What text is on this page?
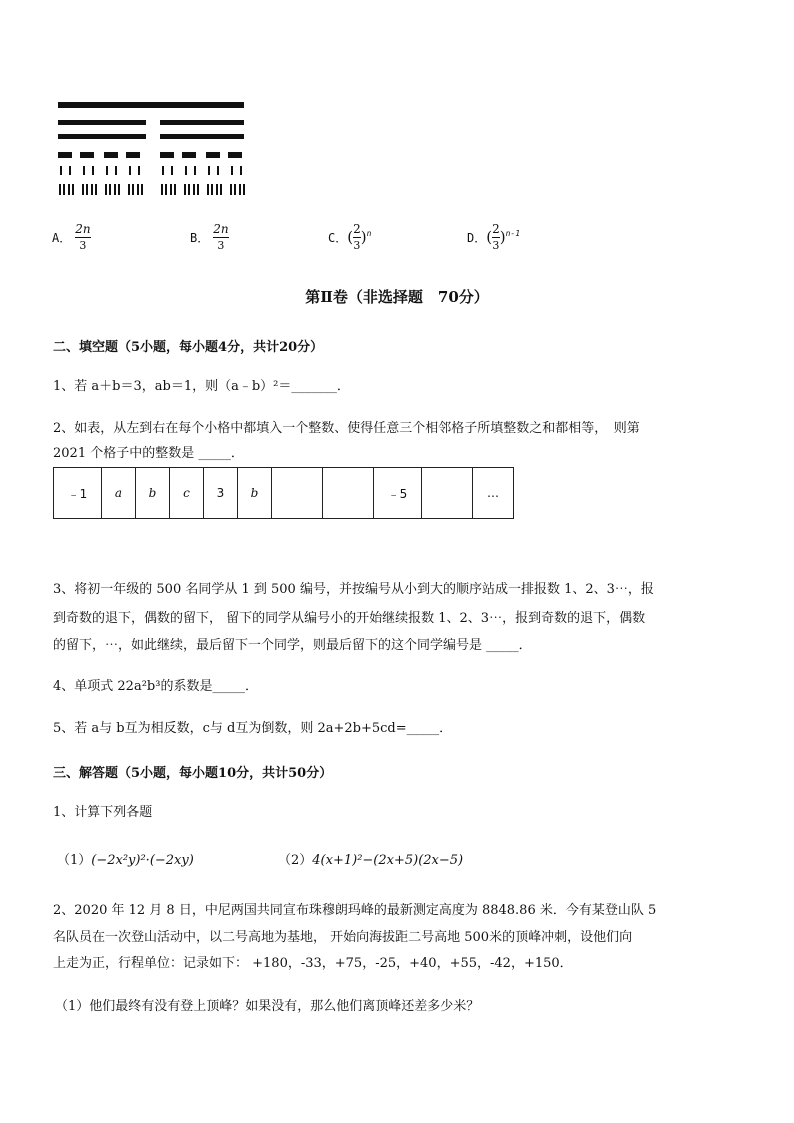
A． $\frac{2n}{3}$	B． $\frac{2n}{3}$	C． ( $\frac{2}{3}$ ) n	D． ( $\frac{2}{3}$ ) n-1
第Ⅱ卷（非选择题　70分）
二、填空题（5小题，每小题4分，共计20分）
1、若 a＋b＝3，ab＝1，则（a﹣b）²＝_______．
2、如表，从左到右在每个小格中都填入一个整数、使得任意三个相邻格子所填整数之和都相等，　则第
2021 个格子中的整数是 _____．
﹣1	a	b	c	3	b			﹣5		…
3、将初一年级的 500 名同学从 1 到 500 编号，并按编号从小到大的顺序站成一排报数 1、2、3⋯，报
到奇数的退下，偶数的留下， 留下的同学从编号小的开始继续报数 1、2、3⋯，报到奇数的退下，偶数
的留下，⋯，如此继续，最后留下一个同学，则最后留下的这个同学编号是 _____．
4、单项式 22a²b³的系数是_____．
5、若 a与 b互为相反数，c与 d互为倒数，则 2a+2b+5cd=_____．
三、解答题（5小题，每小题10分，共计50分）
1、计算下列各题
（1）(−2x²y)²·(−2xy)	（2）4(x+1)²−(2x+5)(2x−5)
2、2020 年 12 月 8 日，中尼两国共同宣布珠穆朗玛峰的最新测定高度为 8848.86 米．今有某登山队 5
名队员在一次登山活动中，以二号高地为基地， 开始向海拔距二号高地 500米的顶峰冲刺，设他们向
上走为正，行程单位：记录如下： +180，-33，+75，-25，+40，+55，-42，+150．
（1）他们最终有没有登上顶峰？如果没有，那么他们离顶峰还差多少米？
